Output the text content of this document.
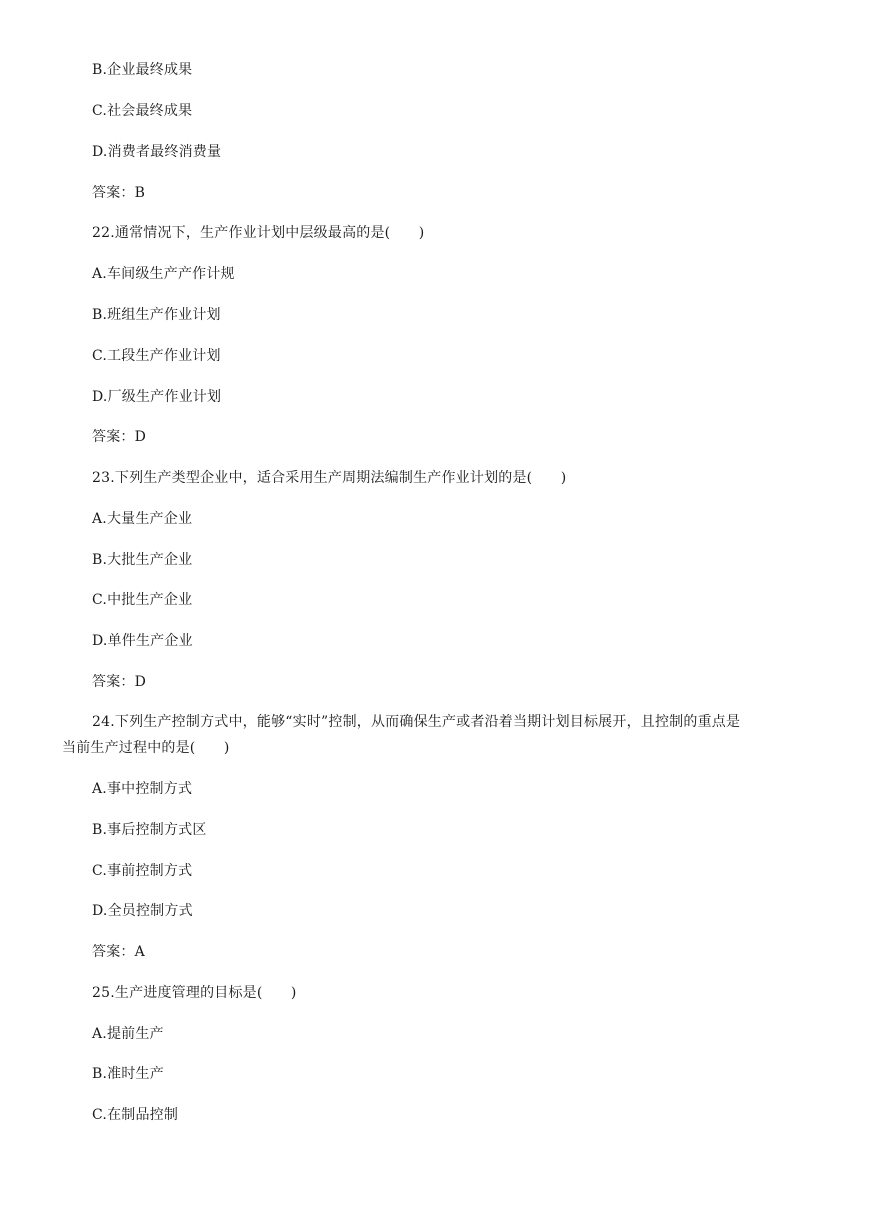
B.企业最终成果
C.社会最终成果
D.消费者最终消费量
答案：B
22.通常情况下，生产作业计划中层级最高的是(　　)
A.车间级生产产作计规
B.班组生产作业计划
C.工段生产作业计划
D.厂级生产作业计划
答案：D
23.下列生产类型企业中，适合采用生产周期法编制生产作业计划的是(　　)
A.大量生产企业
B.大批生产企业
C.中批生产企业
D.单件生产企业
答案：D
24.下列生产控制方式中，能够“实时”控制，从而确保生产或者沿着当期计划目标展开，且控制的重点是
当前生产过程中的是(　　)
A.事中控制方式
B.事后控制方式区
C.事前控制方式
D.全员控制方式
答案：A
25.生产进度管理的目标是(　　)
A.提前生产
B.准时生产
C.在制品控制
